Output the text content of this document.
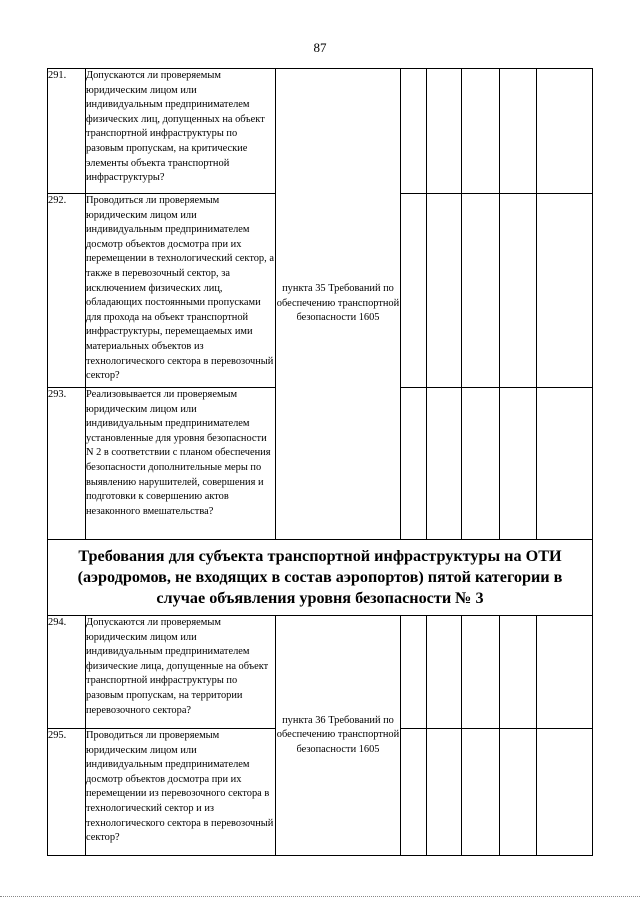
87
291.	Допускаются ли проверяемым юридическим лицом или индивидуальным предпринимателем физических лиц, допущенных на объект транспортной инфраструктуры по разовым пропускам, на критические элементы объекта транспортной инфраструктуры?	пункта 35 Требований по обеспечению транспортной безопасности 1605					
292.	Проводиться ли проверяемым юридическим лицом или индивидуальным предпринимателем досмотр объектов досмотра при их перемещении в технологический сектор, а также в перевозочный сектор, за исключением физических лиц, обладающих постоянными пропусками для прохода на объект транспортной инфраструктуры, перемещаемых ими материальных объектов из технологического сектора в перевозочный сектор?						
293.	Реализовывается ли проверяемым юридическим лицом или индивидуальным предпринимателем установленные для уровня безопасности N 2 в соответствии с планом обеспечения безопасности дополнительные меры по выявлению нарушителей, совершения и подготовки к совершению актов незаконного вмешательства?						
Требования для субъекта транспортной инфраструктуры на ОТИ (аэродромов, не входящих в состав аэропортов) пятой категории в случае объявления уровня безопасности № 3							
294.	Допускаются ли проверяемым юридическим лицом или индивидуальным предпринимателем физические лица, допущенные на объект транспортной инфраструктуры по разовым пропускам, на территории перевозочного сектора?	пункта 36 Требований по обеспечению транспортной безопасности 1605					
295.	Проводиться ли проверяемым юридическим лицом или индивидуальным предпринимателем досмотр объектов досмотра при их перемещении из перевозочного сектора в технологический сектор и из технологического сектора в перевозочный сектор?						
